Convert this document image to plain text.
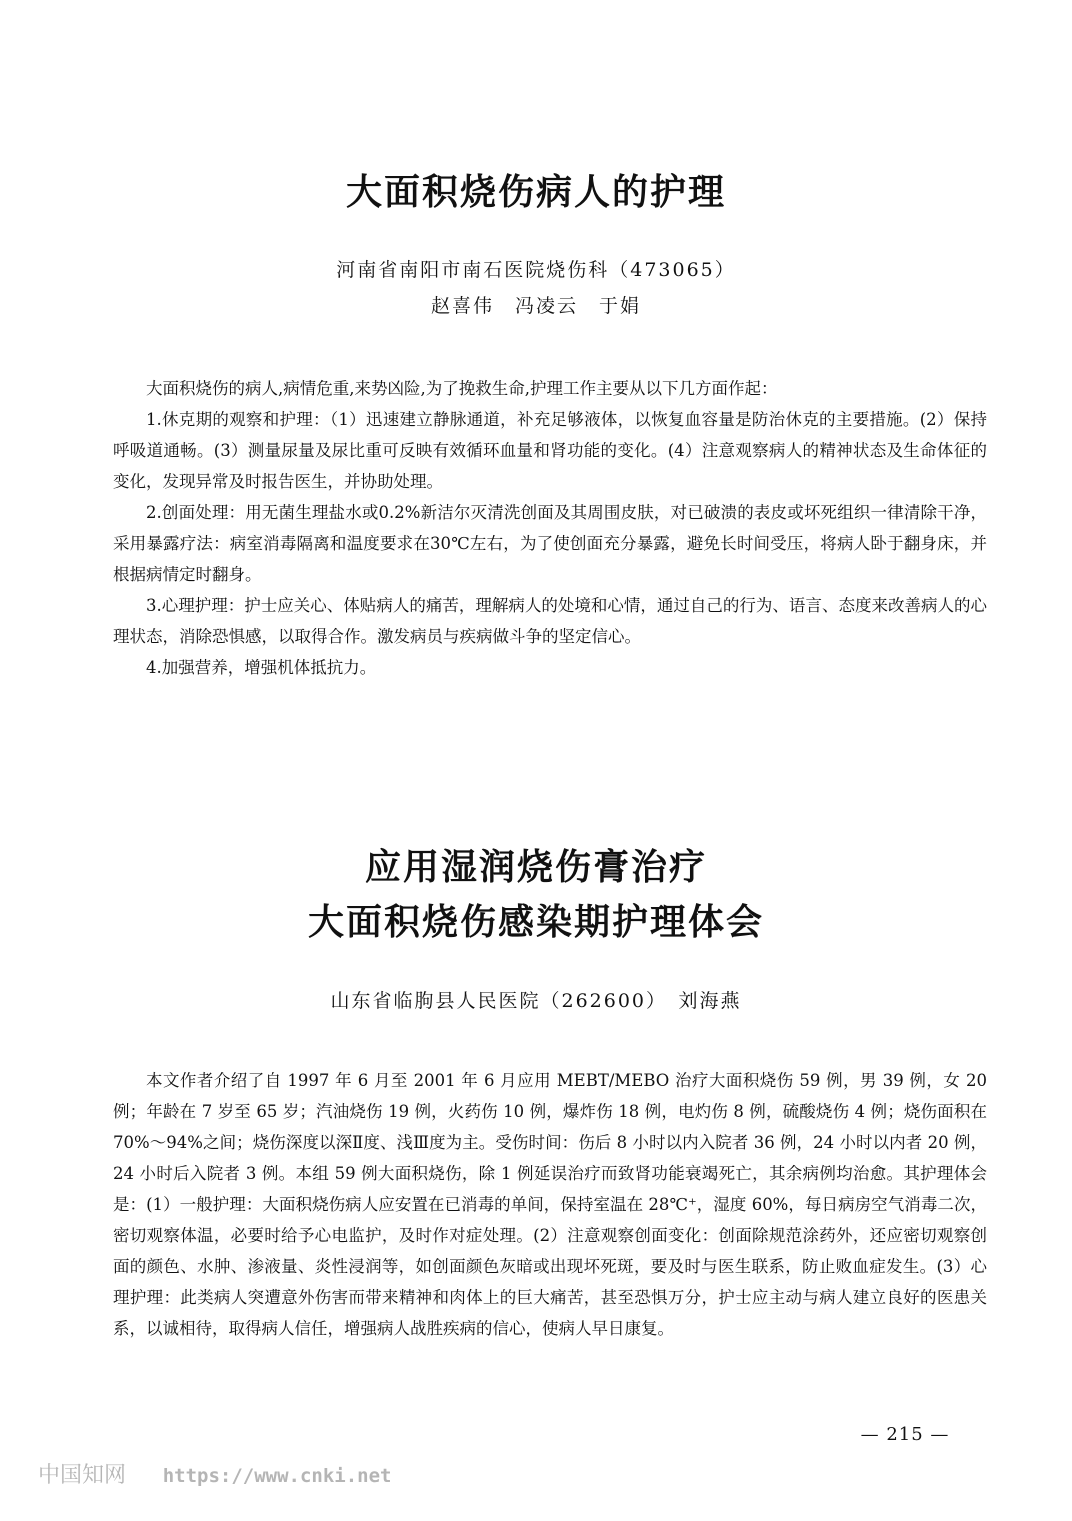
大面积烧伤病人的护理
河南省南阳市南石医院烧伤科（473065）
赵喜伟　冯凌云　于娟

大面积烧伤的病人,病情危重,来势凶险,为了挽救生命,护理工作主要从以下几方面作起：

1.休克期的观察和护理：（1）迅速建立静脉通道，补充足够液体，以恢复血容量是防治休克的主要措施。(2）保持呼吸道通畅。(3）测量尿量及尿比重可反映有效循环血量和肾功能的变化。(4）注意观察病人的精神状态及生命体征的变化，发现异常及时报告医生，并协助处理。

2.创面处理：用无菌生理盐水或0.2%新洁尔灭清洗创面及其周围皮肤，对已破溃的表皮或坏死组织一律清除干净，采用暴露疗法：病室消毒隔离和温度要求在30℃左右，为了使创面充分暴露，避免长时间受压，将病人卧于翻身床，并根据病情定时翻身。

3.心理护理：护士应关心、体贴病人的痛苦，理解病人的处境和心情，通过自己的行为、语言、态度来改善病人的心理状态，消除恐惧感，以取得合作。激发病员与疾病做斗争的坚定信心。

4.加强营养，增强机体抵抗力。

应用湿润烧伤膏治疗
大面积烧伤感染期护理体会
山东省临朐县人民医院（262600）　刘海燕

本文作者介绍了自 1997 年 6 月至 2001 年 6 月应用 MEBT/MEBO 治疗大面积烧伤 59 例，男 39 例，女 20 例；年龄在 7 岁至 65 岁；汽油烧伤 19 例，火药伤 10 例，爆炸伤 18 例，电灼伤 8 例，硫酸烧伤 4 例；烧伤面积在 70%～94%之间；烧伤深度以深Ⅱ度、浅Ⅲ度为主。受伤时间：伤后 8 小时以内入院者 36 例，24 小时以内者 20 例，24 小时后入院者 3 例。本组 59 例大面积烧伤，除 1 例延误治疗而致肾功能衰竭死亡，其余病例均治愈。其护理体会是：(1）一般护理：大面积烧伤病人应安置在已消毒的单间，保持室温在 28℃⁺，湿度 60%，每日病房空气消毒二次，密切观察体温，必要时给予心电监护，及时作对症处理。(2）注意观察创面变化：创面除规范涂药外，还应密切观察创面的颜色、水肿、渗液量、炎性浸润等，如创面颜色灰暗或出现坏死斑，要及时与医生联系，防止败血症发生。(3）心理护理：此类病人突遭意外伤害而带来精神和肉体上的巨大痛苦，甚至恐惧万分，护士应主动与病人建立良好的医患关系，以诚相待，取得病人信任，增强病人战胜疾病的信心，使病人早日康复。

— 215 —
中国知网 https://www.cnki.net
